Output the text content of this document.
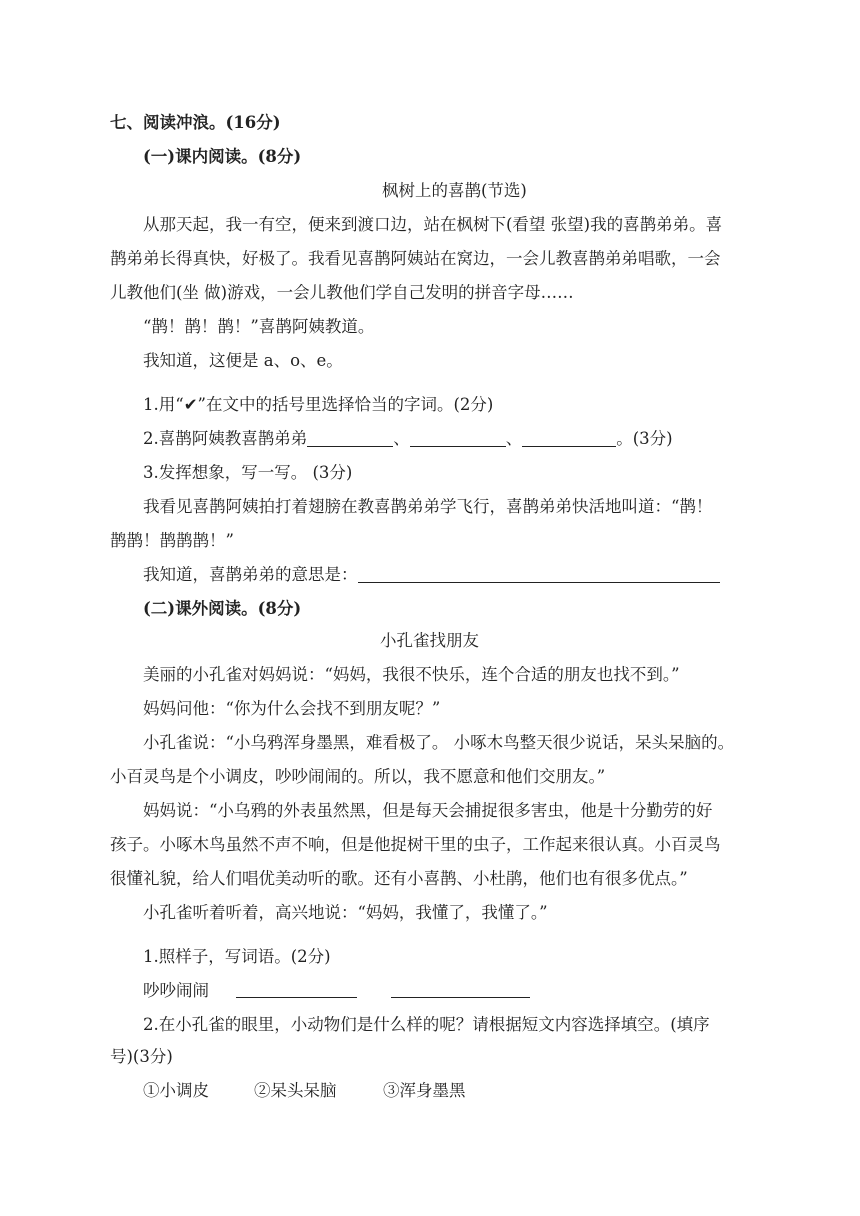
七、阅读冲浪。(16分)
(一)课内阅读。(8分)
枫树上的喜鹊(节选)
从那天起，我一有空，便来到渡口边，站在枫树下(看望 张望)我的喜鹊弟弟。喜
鹊弟弟长得真快，好极了。我看见喜鹊阿姨站在窝边，一会儿教喜鹊弟弟唱歌，一会
儿教他们(坐 做)游戏，一会儿教他们学自己发明的拼音字母……
“鹊！鹊！鹊！”喜鹊阿姨教道。
我知道，这便是 a、o、e。
1.用“✔”在文中的括号里选择恰当的字词。(2分)
2.喜鹊阿姨教喜鹊弟弟	、	、	。(3分)
3.发挥想象，写一写。 (3分)
我看见喜鹊阿姨拍打着翅膀在教喜鹊弟弟学飞行，喜鹊弟弟快活地叫道：“鹊！
鹊鹊！鹊鹊鹊！”
我知道，喜鹊弟弟的意思是：
(二)课外阅读。(8分)
小孔雀找朋友
美丽的小孔雀对妈妈说：“妈妈，我很不快乐，连个合适的朋友也找不到。”
妈妈问他：“你为什么会找不到朋友呢？”
小孔雀说：“小乌鸦浑身墨黑，难看极了。 小啄木鸟整天很少说话，呆头呆脑的。
小百灵鸟是个小调皮，吵吵闹闹的。所以，我不愿意和他们交朋友。”
妈妈说：“小乌鸦的外表虽然黑，但是每天会捕捉很多害虫，他是十分勤劳的好
孩子。小啄木鸟虽然不声不响，但是他捉树干里的虫子，工作起来很认真。小百灵鸟
很懂礼貌，给人们唱优美动听的歌。还有小喜鹊、小杜鹃，他们也有很多优点。”
小孔雀听着听着，高兴地说：“妈妈，我懂了，我懂了。”
1.照样子，写词语。(2分)
吵吵闹闹
2.在小孔雀的眼里，小动物们是什么样的呢？请根据短文内容选择填空。(填序
号)(3分)
①小调皮	②呆头呆脑	③浑身墨黑
